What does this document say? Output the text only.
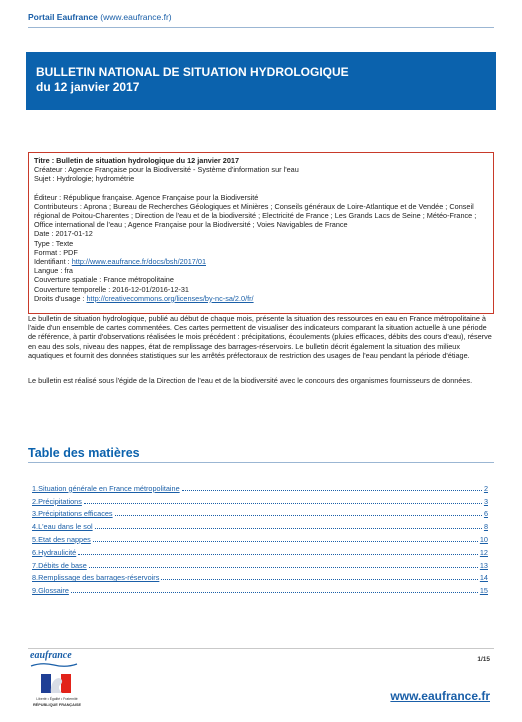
Portail Eaufrance (www.eaufrance.fr)
BULLETIN NATIONAL DE SITUATION HYDROLOGIQUE
du 12 janvier 2017
Titre : Bulletin de situation hydrologique du 12 janvier 2017
Créateur : Agence Française pour la Biodiversité - Système d'information sur l'eau
Sujet : Hydrologie; hydrométrie
Éditeur : République française. Agence Française pour la Biodiversité
Contributeurs : Aprona ; Bureau de Recherches Géologiques et Minières ; Conseils généraux de Loire-Atlantique et de Vendée ; Conseil régional de Poitou-Charentes ; Direction de l'eau et de la biodiversité ; Electricité de France ; Les Grands Lacs de Seine ; Météo-France ; Office international de l'eau ; Agence Française pour la Biodiversité ; Voies Navigables de France
Date : 2017-01-12
Type : Texte
Format : PDF
Identifiant : http://www.eaufrance.fr/docs/bsh/2017/01
Langue : fra
Couverture spatiale : France métropolitaine
Couverture temporelle : 2016-12-01/2016-12-31
Droits d'usage : http://creativecommons.org/licenses/by-nc-sa/2.0/fr/
Le bulletin de situation hydrologique, publié au début de chaque mois, présente la situation des ressources en eau en France métropolitaine à l'aide d'un ensemble de cartes commentées. Ces cartes permettent de visualiser des indicateurs comparant la situation actuelle à une période de référence, à partir d'observations réalisées le mois précédent : précipitations, écoulements (pluies efficaces, débits des cours d'eau), réserve en eau des sols, niveau des nappes, état de remplissage des barrages-réservoirs. Le bulletin décrit également la situation des milieux aquatiques et fournit des données statistiques sur les arrêtés préfectoraux de restriction des usages de l'eau pendant la période d'étiage.
Le bulletin est réalisé sous l'égide de la Direction de l'eau et de la biodiversité avec le concours des organismes fournisseurs de données.
Table des matières
1.Situation générale en France métropolitaine	2
2.Précipitations	3
3.Précipitations efficaces	6
4.L'eau dans le sol	8
5.Etat des nappes	10
6.Hydraulicité	12
7.Débits de base	13
8.Remplissage des barrages-réservoirs	14
9.Glossaire	15
eaufrance
Liberté • Égalité • Fraternité
RÉPUBLIQUE FRANÇAISE
1/15
www.eaufrance.fr
